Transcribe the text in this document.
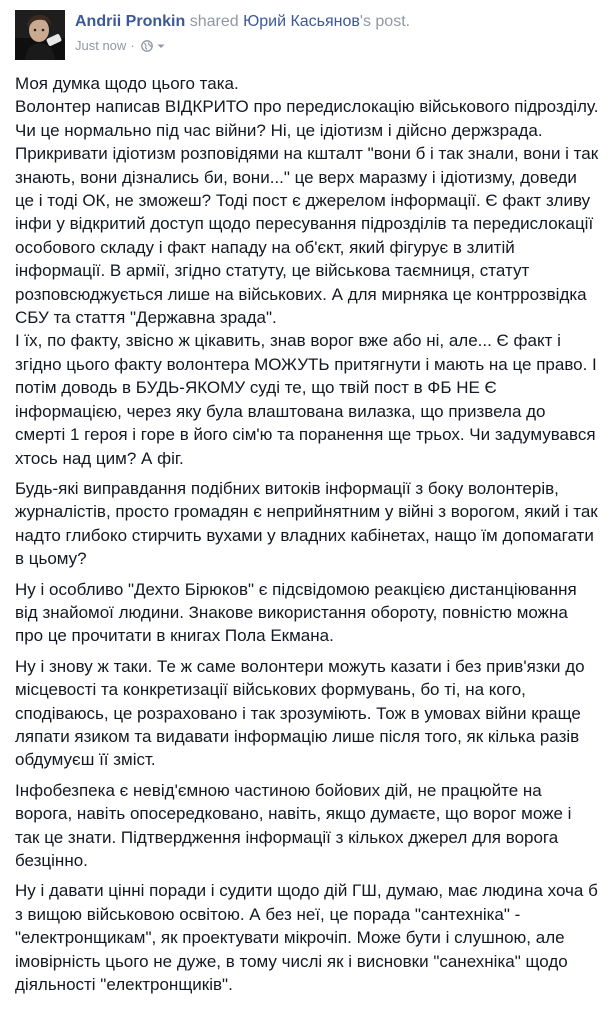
Andrii Pronkin shared Юрий Касьянов's post.
Just now ·

Моя думка щодо цього така.
Волонтер написав ВІДКРИТО про передислокацію військового підрозділу. Чи це нормально під час війни? Ні, це ідіотизм і дійсно держзрада. Прикривати ідіотизм розповідями на кшталт "вони б і так знали, вони і так знають, вони дізнались би, вони..." це верх маразму і ідіотизму, доведи це і тоді ОК, не зможеш? Тоді пост є джерелом інформації. Є факт зливу інфи у відкритий доступ щодо пересування підрозділів та передислокації особового складу і факт нападу на об'єкт, який фігурує в злитій інформації. В армії, згідно статуту, це військова таємниця, статут розповсюджується лише на військових. А для мирняка це контррозвідка СБУ та стаття "Державна зрада".
І їх, по факту, звісно ж цікавить, знав ворог вже або ні, але... Є факт і згідно цього факту волонтера МОЖУТЬ притягнути і мають на це право. І потім доводь в БУДЬ-ЯКОМУ суді те, що твій пост в ФБ НЕ Є інформацією, через яку була влаштована вилазка, що призвела до смерті 1 героя і горе в його сім'ю та поранення ще трьох. Чи задумувався хтось над цим? А фіг.

Будь-які виправдання подібних витоків інформації з боку волонтерів, журналістів, просто громадян є неприйнятним у війні з ворогом, який і так надто глибоко стирчить вухами у владних кабінетах, нащо їм допомагати в цьому?

Ну і особливо "Дехто Бірюков" є підсвідомою реакцією дистанціювання від знайомої людини. Знакове використання обороту, повністю можна про це прочитати в книгах Пола Екмана.

Ну і знову ж таки. Те ж саме волонтери можуть казати і без прив'язки до місцевості та конкретизації військових формувань, бо ті, на кого, сподіваюсь, це розраховано і так зрозуміють. Тож в умовах війни краще ляпати язиком та видавати інформацію лише після того, як кілька разів обдумуєш її зміст.

Інфобезпека є невід'ємною частиною бойових дій, не працюйте на ворога, навіть опосередковано, навіть, якщо думаєте, що ворог може і так це знати. Підтвердження інформації з кількох джерел для ворога безцінно.

Ну і давати цінні поради і судити щодо дій ГШ, думаю, має людина хоча б з вищою військовою освітою. А без неї, це порада "сантехніка" - "електронщикам", як проектувати мікрочіп. Може бути і слушною, але імовірність цього не дуже, в тому числі як і висновки "санехніка" щодо діяльності "електронщиків".
